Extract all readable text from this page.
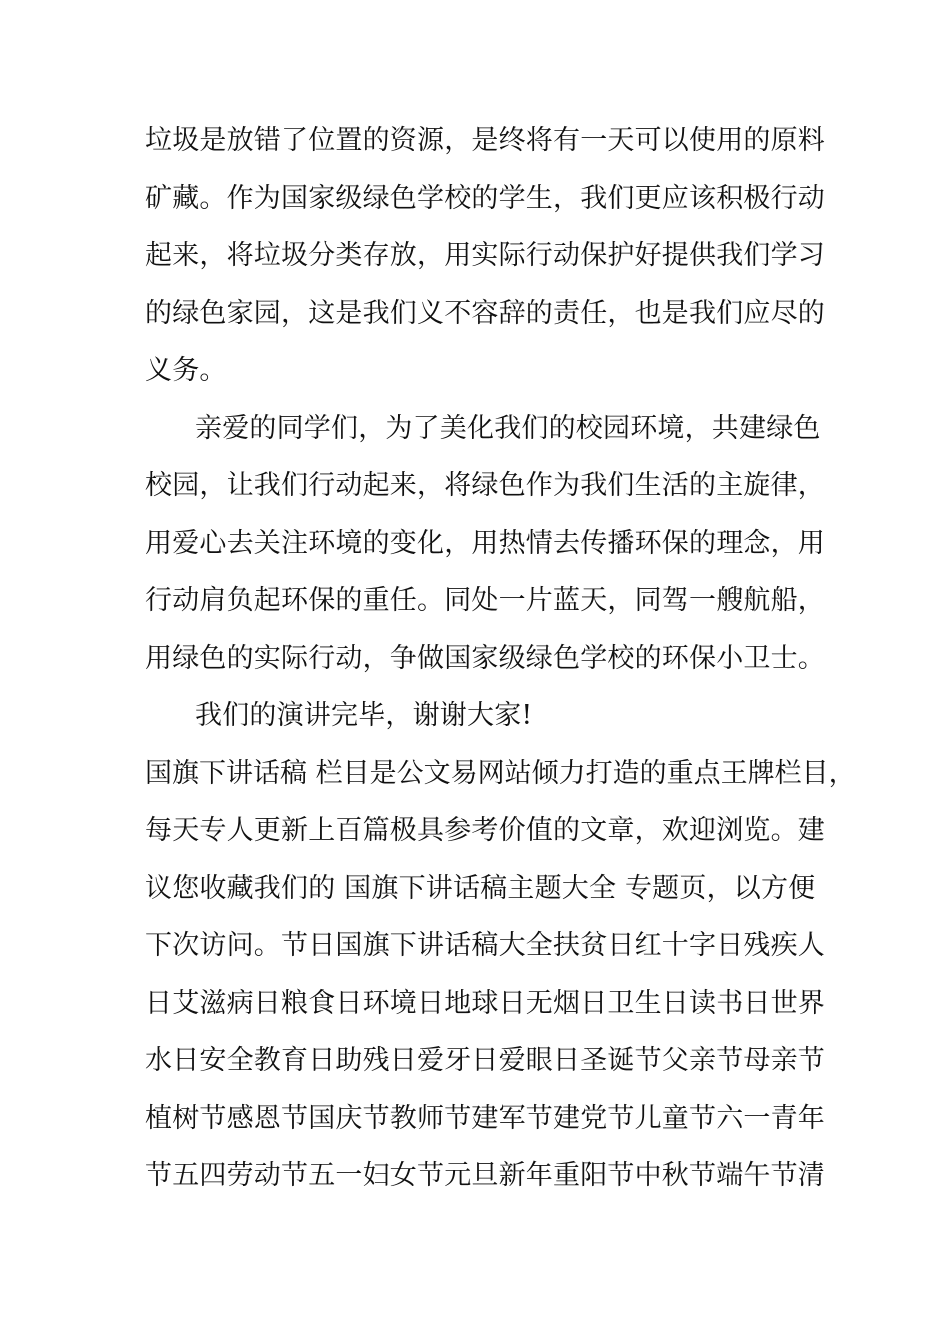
垃圾是放错了位置的资源，是终将有一天可以使用的原料
矿藏。作为国家级绿色学校的学生，我们更应该积极行动
起来，将垃圾分类存放，用实际行动保护好提供我们学习
的绿色家园，这是我们义不容辞的责任，也是我们应尽的
义务。
亲爱的同学们，为了美化我们的校园环境，共建绿色
校园，让我们行动起来，将绿色作为我们生活的主旋律，
用爱心去关注环境的变化，用热情去传播环保的理念，用
行动肩负起环保的重任。同处一片蓝天，同驾一艘航船，
用绿色的实际行动，争做国家级绿色学校的环保小卫士。
我们的演讲完毕，谢谢大家!
国旗下讲话稿 栏目是公文易网站倾力打造的重点王牌栏目，
每天专人更新上百篇极具参考价值的文章，欢迎浏览。建
议您收藏我们的 国旗下讲话稿主题大全 专题页，以方便
下次访问。节日国旗下讲话稿大全扶贫日红十字日残疾人
日艾滋病日粮食日环境日地球日无烟日卫生日读书日世界
水日安全教育日助残日爱牙日爱眼日圣诞节父亲节母亲节
植树节感恩节国庆节教师节建军节建党节儿童节六一青年
节五四劳动节五一妇女节元旦新年重阳节中秋节端午节清
